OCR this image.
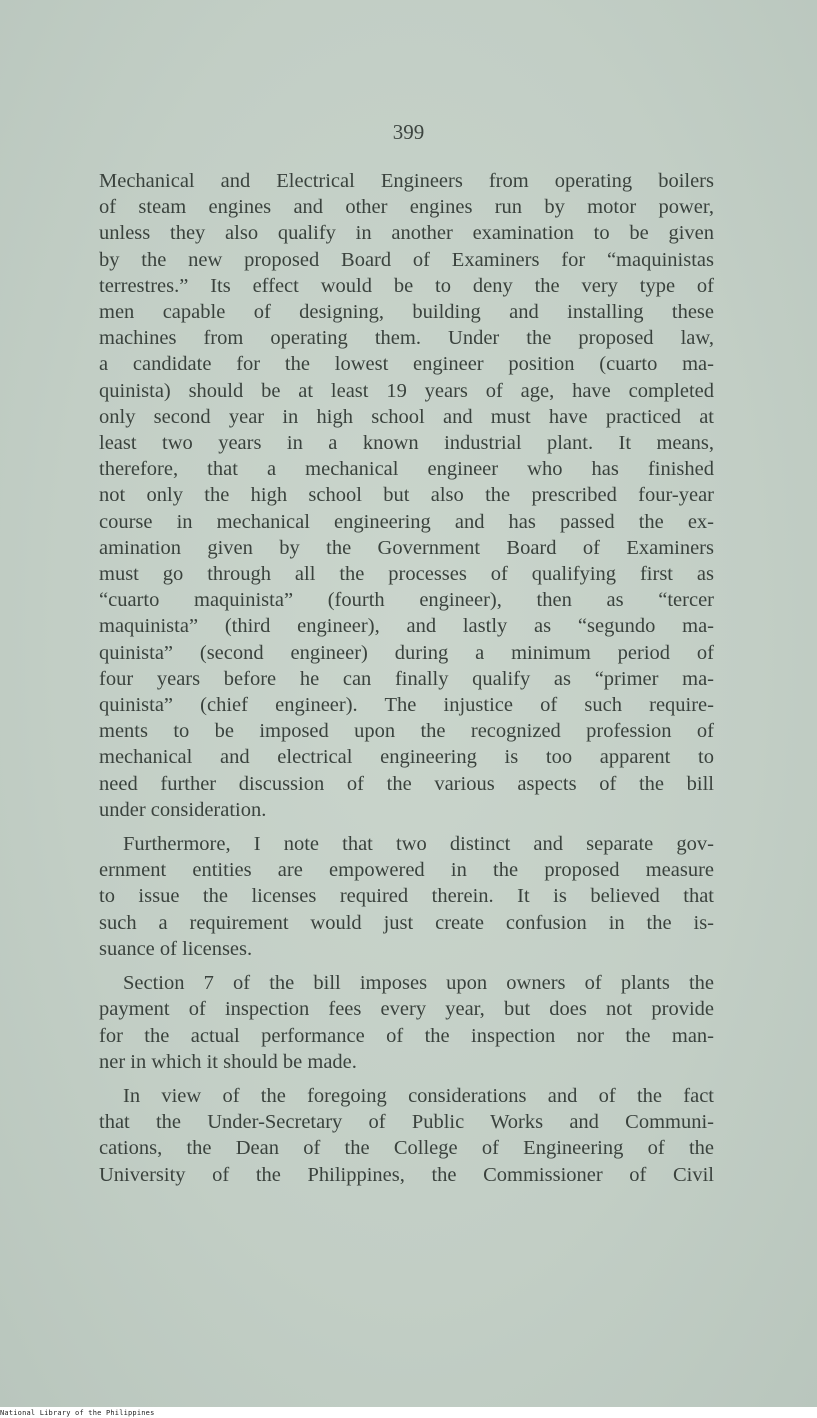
399
Mechanical and Electrical Engineers from operating boilers
of steam engines and other engines run by motor power,
unless they also qualify in another examination to be given
by the new proposed Board of Examiners for “maquinistas
terrestres.” Its effect would be to deny the very type of
men capable of designing, building and installing these
machines from operating them. Under the proposed law,
a candidate for the lowest engineer position (cuarto ma-
quinista) should be at least 19 years of age, have completed
only second year in high school and must have practiced at
least two years in a known industrial plant. It means,
therefore, that a mechanical engineer who has finished
not only the high school but also the prescribed four-year
course in mechanical engineering and has passed the ex-
amination given by the Government Board of Examiners
must go through all the processes of qualifying first as
“cuarto maquinista” (fourth engineer), then as “tercer
maquinista” (third engineer), and lastly as “segundo ma-
quinista” (second engineer) during a minimum period of
four years before he can finally qualify as “primer ma-
quinista” (chief engineer). The injustice of such require-
ments to be imposed upon the recognized profession of
mechanical and electrical engineering is too apparent to
need further discussion of the various aspects of the bill
under consideration.
Furthermore, I note that two distinct and separate gov-
ernment entities are empowered in the proposed measure
to issue the licenses required therein. It is believed that
such a requirement would just create confusion in the is-
suance of licenses.
Section 7 of the bill imposes upon owners of plants the
payment of inspection fees every year, but does not provide
for the actual performance of the inspection nor the man-
ner in which it should be made.
In view of the foregoing considerations and of the fact
that the Under-Secretary of Public Works and Communi-
cations, the Dean of the College of Engineering of the
University of the Philippines, the Commissioner of Civil
National Library of the Philippines
